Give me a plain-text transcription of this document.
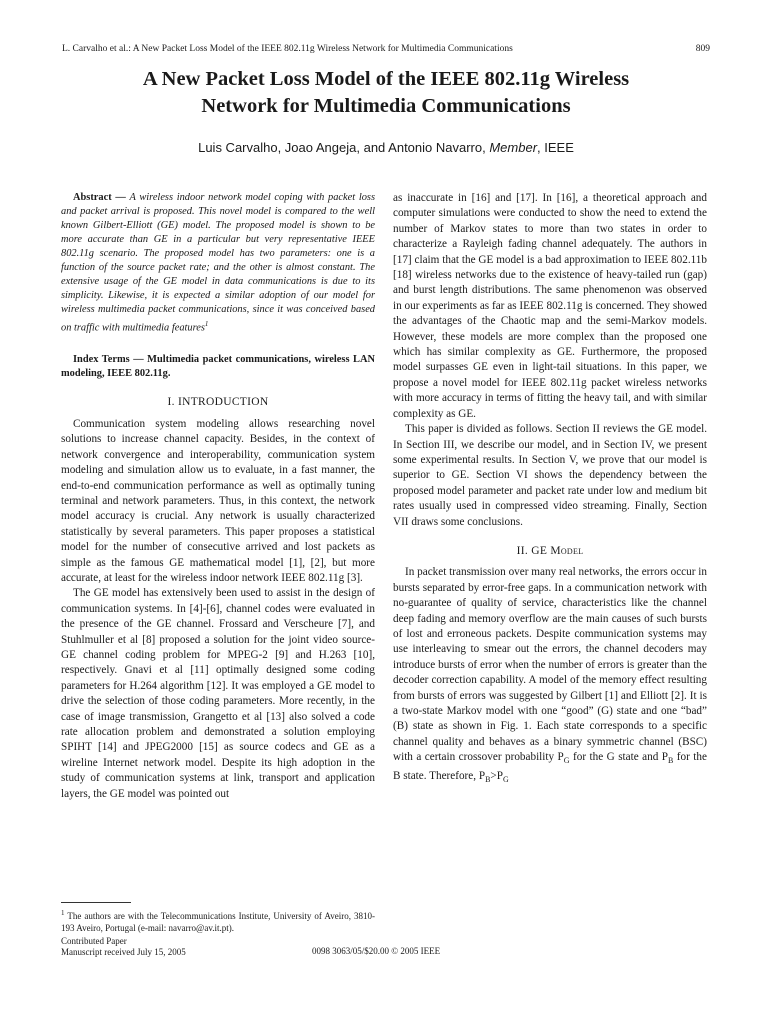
L. Carvalho et al.: A New Packet Loss Model of the IEEE 802.11g Wireless Network for Multimedia Communications	809
A New Packet Loss Model of the IEEE 802.11g Wireless
Network for Multimedia Communications
Luis Carvalho, Joao Angeja, and Antonio Navarro, Member, IEEE

Abstract — A wireless indoor network model coping with packet loss and packet arrival is proposed. This novel model is compared to the well known Gilbert-Elliott (GE) model. The proposed model is shown to be more accurate than GE in a particular but very representative IEEE 802.11g scenario. The proposed model has two parameters: one is a function of the source packet rate; and the other is almost constant. The extensive usage of the GE model in data communications is due to its simplicity. Likewise, it is expected a similar adoption of our model for wireless multimedia packet communications, since it was conceived based on traffic with multimedia features$^1$

Index Terms — Multimedia packet communications, wireless LAN modeling, IEEE 802.11g.

I. INTRODUCTION

Communication system modeling allows researching novel solutions to increase channel capacity. Besides, in the context of network convergence and interoperability, communication system modeling and simulation allow us to evaluate, in a fast manner, the end-to-end communication performance as well as optimally tuning terminal and network parameters. Thus, in this context, the network model accuracy is crucial. Any network is usually characterized statistically by several parameters. This paper proposes a statistical model for the number of consecutive arrived and lost packets as simple as the famous GE mathematical model [1], [2], but more accurate, at least for the wireless indoor network IEEE 802.11g [3].

The GE model has extensively been used to assist in the design of communication systems. In [4]-[6], channel codes were evaluated in the presence of the GE channel. Frossard and Verscheure [7], and Stuhlmuller et al [8] proposed a solution for the joint video source-GE channel coding problem for MPEG-2 [9] and H.263 [10], respectively. Gnavi et al [11] optimally designed some coding parameters for H.264 algorithm [12]. It was employed a GE model to drive the selection of those coding parameters. More recently, in the case of image transmission, Grangetto et al [13] also solved a code rate allocation problem and demonstrated a solution employing SPIHT [14] and JPEG2000 [15] as source codecs and GE as a wireline Internet network model. Despite its high adoption in the study of communication systems at link, transport and application layers, the GE model was pointed out

as inaccurate in [16] and [17]. In [16], a theoretical approach and computer simulations were conducted to show the need to extend the number of Markov states to more than two states in order to characterize a Rayleigh fading channel adequately. The authors in [17] claim that the GE model is a bad approximation to IEEE 802.11b [18] wireless networks due to the existence of heavy-tailed run (gap) and burst length distributions. The same phenomenon was observed in our experiments as far as IEEE 802.11g is concerned. They showed the advantages of the Chaotic map and the semi-Markov models. However, these models are more complex than the proposed one which has similar complexity as GE. Furthermore, the proposed model surpasses GE even in light-tail situations. In this paper, we propose a novel model for IEEE 802.11g packet wireless networks with more accuracy in terms of fitting the heavy tail, and with similar complexity as GE.

This paper is divided as follows. Section II reviews the GE model. In Section III, we describe our model, and in Section IV, we present some experimental results. In Section V, we prove that our model is superior to GE. Section VI shows the dependency between the proposed model parameter and packet rate under low and medium bit rates usually used in compressed video streaming. Finally, Section VII draws some conclusions.

II. GE Model

In packet transmission over many real networks, the errors occur in bursts separated by error-free gaps. In a communication network with no-guarantee of quality of service, characteristics like the channel deep fading and memory overflow are the main causes of such bursts of lost and erroneous packets. Despite communication systems may use interleaving to smear out the errors, the channel decoders may introduce bursts of error when the number of errors is greater than the decoder correction capability. A model of the memory effect resulting from bursts of errors was suggested by Gilbert [1] and Elliott [2]. It is a two-state Markov model with one “good” (G) state and one “bad” (B) state as shown in Fig. 1. Each state corresponds to a specific channel quality and behaves as a binary symmetric channel (BSC) with a certain crossover probability $P_G$ for the G state and $P_B$ for the B state. Therefore, $P_B>P_G$

$^1$ The authors are with the Telecommunications Institute, University of Aveiro, 3810-193 Aveiro, Portugal (e-mail: navarro@av.it.pt).
Contributed Paper
Manuscript received July 15, 2005	0098 3063/05/$20.00 © 2005 IEEE
